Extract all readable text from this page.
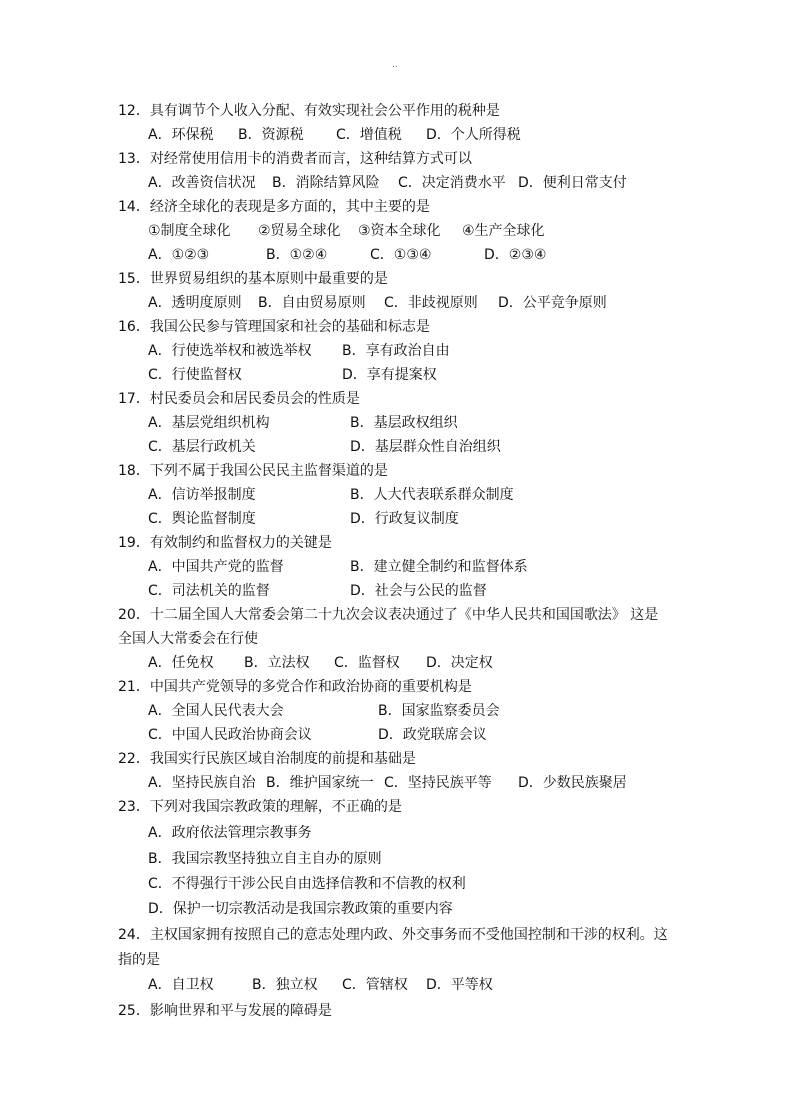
..
12．具有调节个人收入分配、有效实现社会公平作用的税种是
A．环保税 B．资源税 C．增值税 D．个人所得税
13．对经常使用信用卡的消费者而言，这种结算方式可以
A．改善资信状况 B．消除结算风险 C．决定消费水平 D．便利日常支付
14．经济全球化的表现是多方面的，其中主要的是
①制度全球化 ②贸易全球化 ③资本全球化 ④生产全球化
A．①②③	B．①②④	C．①③④	D．②③④
15．世界贸易组织的基本原则中最重要的是
A．透明度原则 B．自由贸易原则 C．非歧视原则 D．公平竞争原则
16．我国公民参与管理国家和社会的基础和标志是
A．行使选举权和被选举权 B．享有政治自由
C．行使监督权	D．享有提案权
17．村民委员会和居民委员会的性质是
A．基层党组织机构	B．基层政权组织
C．基层行政机关	D．基层群众性自治组织
18．下列不属于我国公民民主监督渠道的是
A．信访举报制度	B．人大代表联系群众制度
C．舆论监督制度	D．行政复议制度
19．有效制约和监督权力的关键是
A．中国共产党的监督	B．建立健全制约和监督体系
C．司法机关的监督	D．社会与公民的监督
20．十二届全国人大常委会第二十九次会议表决通过了《中华人民共和国国歌法》 这是
全国人大常委会在行使
A．任免权 B．立法权 C．监督权 D．决定权
21．中国共产党领导的多党合作和政治协商的重要机构是
A．全国人民代表大会	B．国家监察委员会
C．中国人民政治协商会议	D．政党联席会议
22．我国实行民族区域自治制度的前提和基础是
A．坚持民族自治 B．维护国家统一 C．坚持民族平等 D．少数民族聚居
23．下列对我国宗教政策的理解，不正确的是
A．政府依法管理宗教事务
B．我国宗教坚持独立自主自办的原则
C．不得强行干涉公民自由选择信教和不信教的权利
D．保护一切宗教活动是我国宗教政策的重要内容
24．主权国家拥有按照自己的意志处理内政、外交事务而不受他国控制和干涉的权利。这
指的是
A．自卫权	B．独立权 C．管辖权 D．平等权
25．影响世界和平与发展的障碍是
